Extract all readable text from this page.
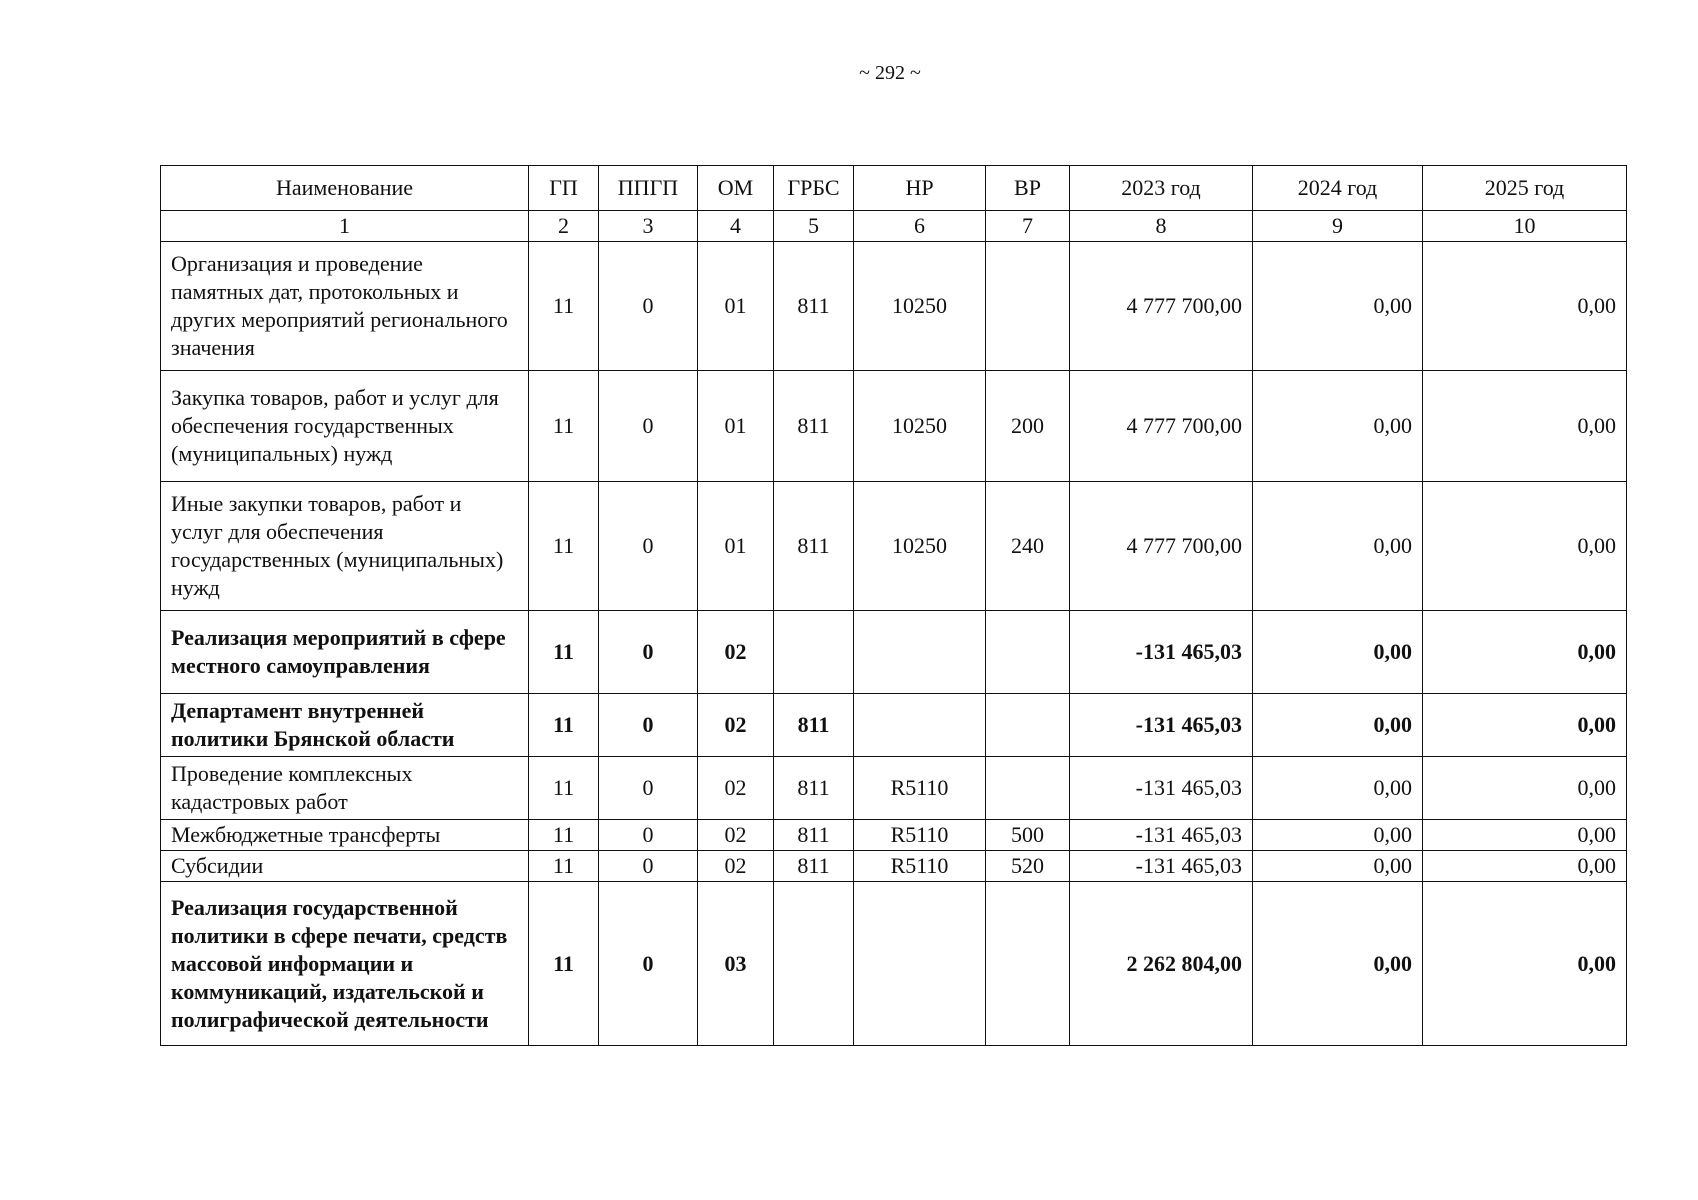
~ 292 ~
Наименование	ГП	ППГП	ОМ	ГРБС	НР	ВР	2023 год	2024 год	2025 год
1	2	3	4	5	6	7	8	9	10
Организация и проведение памятных дат, протокольных и других мероприятий регионального значения	11	0	01	811	10250		4 777 700,00	0,00	0,00
Закупка товаров, работ и услуг для обеспечения государственных (муниципальных) нужд	11	0	01	811	10250	200	4 777 700,00	0,00	0,00
Иные закупки товаров, работ и услуг для обеспечения государственных (муниципальных) нужд	11	0	01	811	10250	240	4 777 700,00	0,00	0,00
Реализация мероприятий в сфере местного самоуправления	11	0	02				-131 465,03	0,00	0,00
Департамент внутренней политики Брянской области	11	0	02	811			-131 465,03	0,00	0,00
Проведение комплексных кадастровых работ	11	0	02	811	R5110		-131 465,03	0,00	0,00
Межбюджетные трансферты	11	0	02	811	R5110	500	-131 465,03	0,00	0,00
Субсидии	11	0	02	811	R5110	520	-131 465,03	0,00	0,00
Реализация государственной политики в сфере печати, средств массовой информации и коммуникаций, издательской и полиграфической деятельности	11	0	03				2 262 804,00	0,00	0,00
